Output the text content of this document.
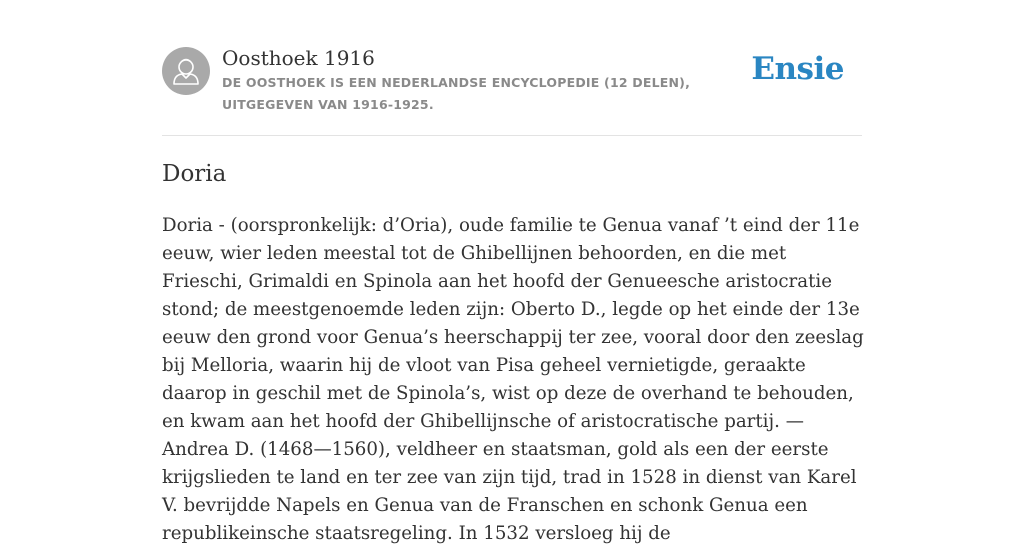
Oosthoek 1916
DE OOSTHOEK IS EEN NEDERLANDSE ENCYCLOPEDIE (12 DELEN), UITGEGEVEN VAN 1916-1925.
Ensie
Doria

Doria - (oorspronkelijk: d’Oria), oude familie te Genua vanaf ’t eind der 11e eeuw, wier leden meestal tot de Ghibellijnen behoorden, en die met Frieschi, Grimaldi en Spinola aan het hoofd der Genueesche aristocratie stond; de meestgenoemde leden zijn: Oberto D., legde op het einde der 13e eeuw den grond voor Genua’s heerschappij ter zee, vooral door den zeeslag bij Melloria, waarin hij de vloot van Pisa geheel vernietigde, geraakte daarop in geschil met de Spinola’s, wist op deze de overhand te behouden, en kwam aan het hoofd der Ghibellijnsche of aristocratische partij. — Andrea D. (1468—1560), veldheer en staatsman, gold als een der eerste krijgslieden te land en ter zee van zijn tijd, trad in 1528 in dienst van Karel V. bevrijdde Napels en Genua van de Franschen en schonk Genua een republikeinsche staatsregeling. In 1532 versloeg hij de
